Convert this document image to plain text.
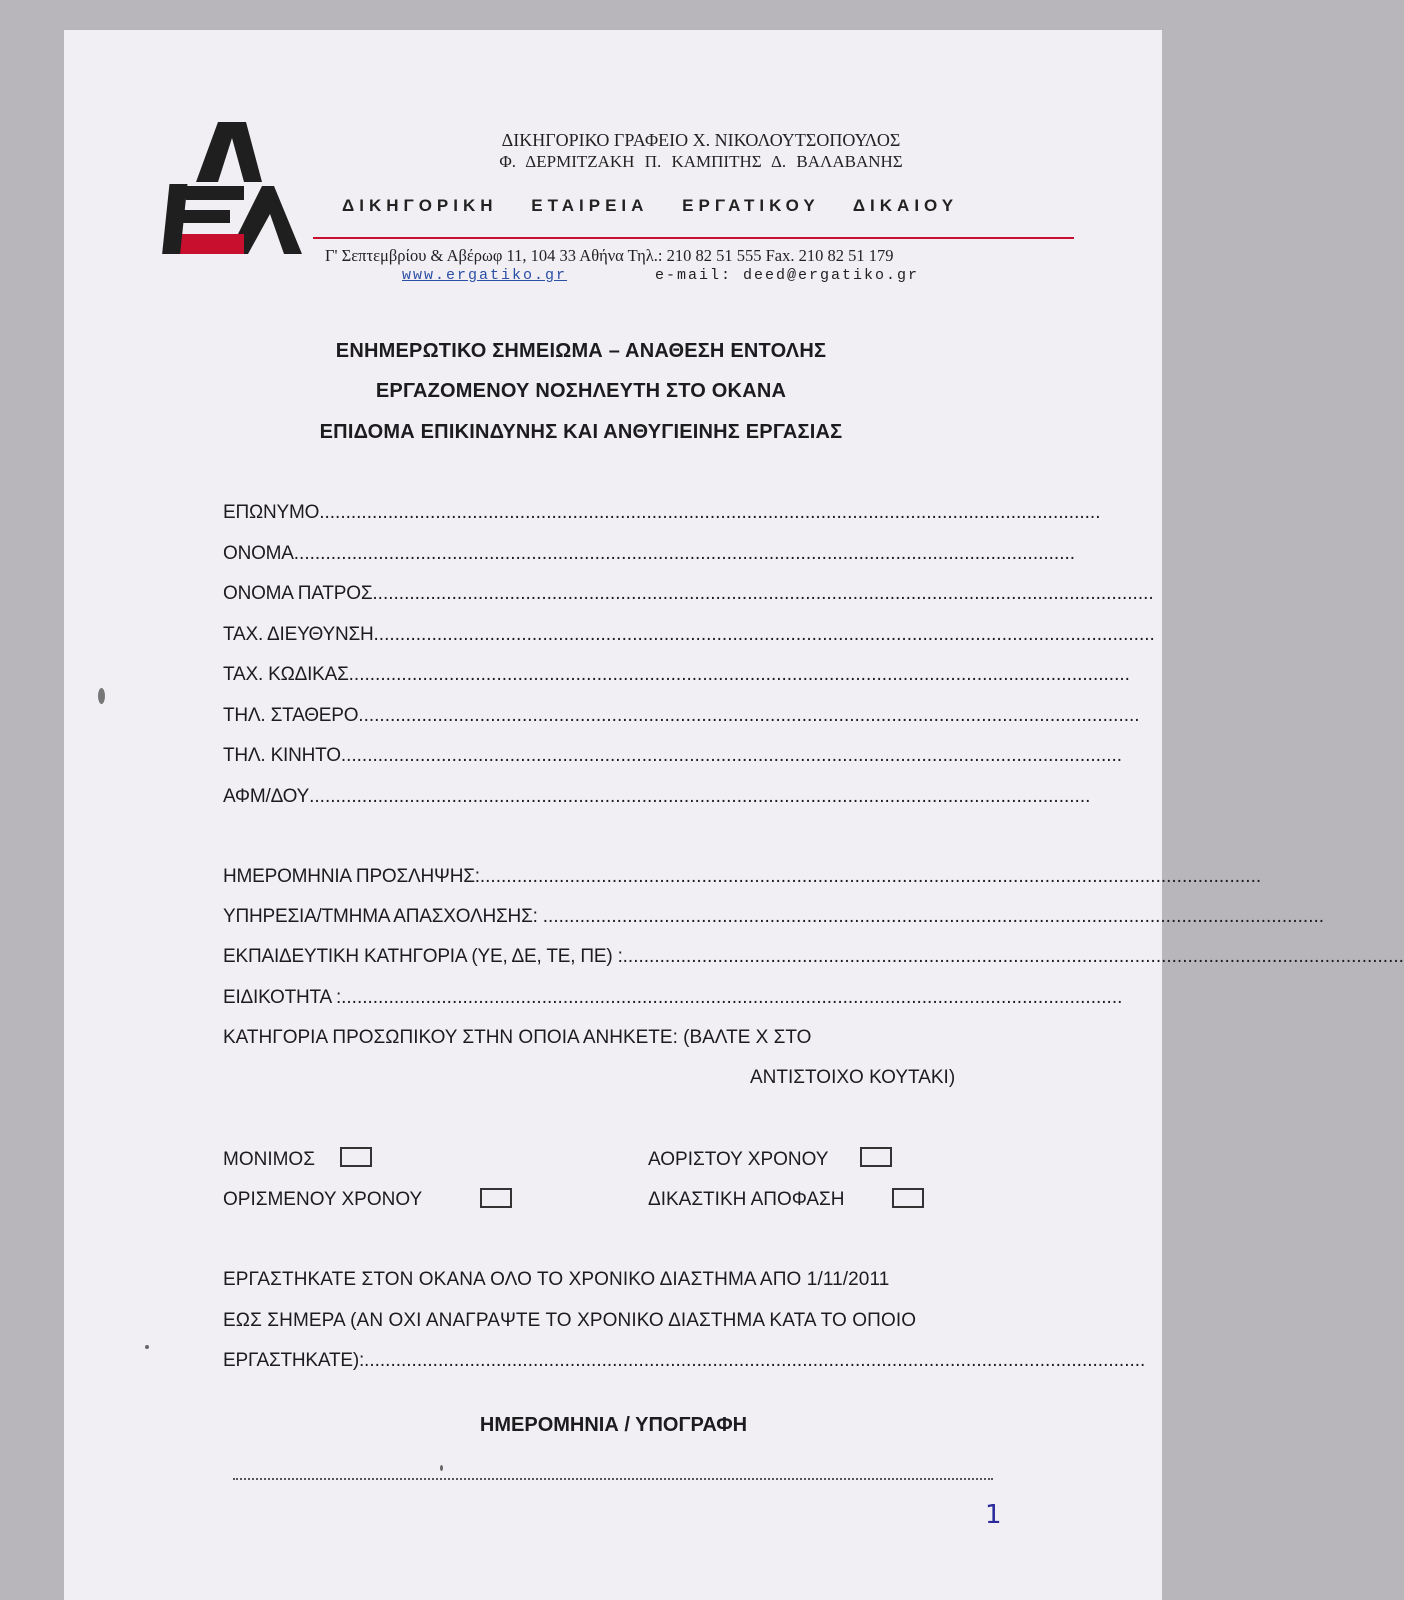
ΔΙΚΗΓΟΡΙΚΟ ΓΡΑΦΕΙΟ Χ. ΝΙΚΟΛΟΥΤΣΟΠΟΥΛΟΣ
Φ. ΔΕΡΜΙΤΖΑΚΗ Π. ΚΑΜΠΙΤΗΣ Δ. ΒΑΛΑΒΑΝΗΣ
ΔΙΚΗΓΟΡΙΚΗ ΕΤΑΙΡΕΙΑ ΕΡΓΑΤΙΚΟΥ ΔΙΚΑΙΟΥ
Γ' Σεπτεμβρίου & Αβέρωφ 11, 104 33 Αθήνα Τηλ.: 210 82 51 555 Fax. 210 82 51 179
www.ergatiko.gr	e-mail: deed@ergatiko.gr
ΕΝΗΜΕΡΩΤΙΚΟ ΣΗΜΕΙΩΜΑ – ΑΝΑΘΕΣΗ ΕΝΤΟΛΗΣ
ΕΡΓΑΖΟΜΕΝΟΥ ΝΟΣΗΛΕΥΤΗ ΣΤΟ ΟΚΑΝΑ
ΕΠΙΔΟΜΑ ΕΠΙΚΙΝΔΥΝΗΣ ΚΑΙ ΑΝΘΥΓΙΕΙΝΗΣ ΕΡΓΑΣΙΑΣ
ΕΠΩΝΥΜΟ....................................................................................................................................................
ΟΝΟΜΑ....................................................................................................................................................
ΟΝΟΜΑ ΠΑΤΡΟΣ....................................................................................................................................................
ΤΑΧ. ΔΙΕΥΘΥΝΣΗ....................................................................................................................................................
ΤΑΧ. ΚΩΔΙΚΑΣ....................................................................................................................................................
ΤΗΛ. ΣΤΑΘΕΡΟ....................................................................................................................................................
ΤΗΛ. ΚΙΝΗΤΟ....................................................................................................................................................
ΑΦΜ/ΔΟΥ....................................................................................................................................................
ΗΜΕΡΟΜΗΝΙΑ ΠΡΟΣΛΗΨΗΣ:....................................................................................................................................................
ΥΠΗΡΕΣΙΑ/ΤΜΗΜΑ ΑΠΑΣΧΟΛΗΣΗΣ: ....................................................................................................................................................
ΕΚΠΑΙΔΕΥΤΙΚΗ ΚΑΤΗΓΟΡΙΑ (ΥΕ, ΔΕ, ΤΕ, ΠΕ) :....................................................................................................................................................
ΕΙΔΙΚΟΤΗΤΑ :....................................................................................................................................................
ΚΑΤΗΓΟΡΙΑ ΠΡΟΣΩΠΙΚΟΥ ΣΤΗΝ ΟΠΟΙΑ ΑΝΗΚΕΤΕ: (ΒΑΛΤΕ Χ ΣΤΟ
ΑΝΤΙΣΤΟΙΧΟ ΚΟΥΤΑΚΙ)
ΜΟΝΙΜΟΣ	ΑΟΡΙΣΤΟΥ ΧΡΟΝΟΥ
ΟΡΙΣΜΕΝΟΥ ΧΡΟΝΟΥ	ΔΙΚΑΣΤΙΚΗ ΑΠΟΦΑΣΗ
ΕΡΓΑΣΤΗΚΑΤΕ ΣΤΟΝ ΟΚΑΝΑ ΟΛΟ ΤΟ ΧΡΟΝΙΚΟ ΔΙΑΣΤΗΜΑ ΑΠΟ 1/11/2011
ΕΩΣ ΣΗΜΕΡΑ (ΑΝ ΟΧΙ ΑΝΑΓΡΑΨΤΕ ΤΟ ΧΡΟΝΙΚΟ ΔΙΑΣΤΗΜΑ ΚΑΤΑ ΤΟ ΟΠΟΙΟ
ΕΡΓΑΣΤΗΚΑΤΕ):....................................................................................................................................................
ΗΜΕΡΟΜΗΝΙΑ / ΥΠΟΓΡΑΦΗ
1
